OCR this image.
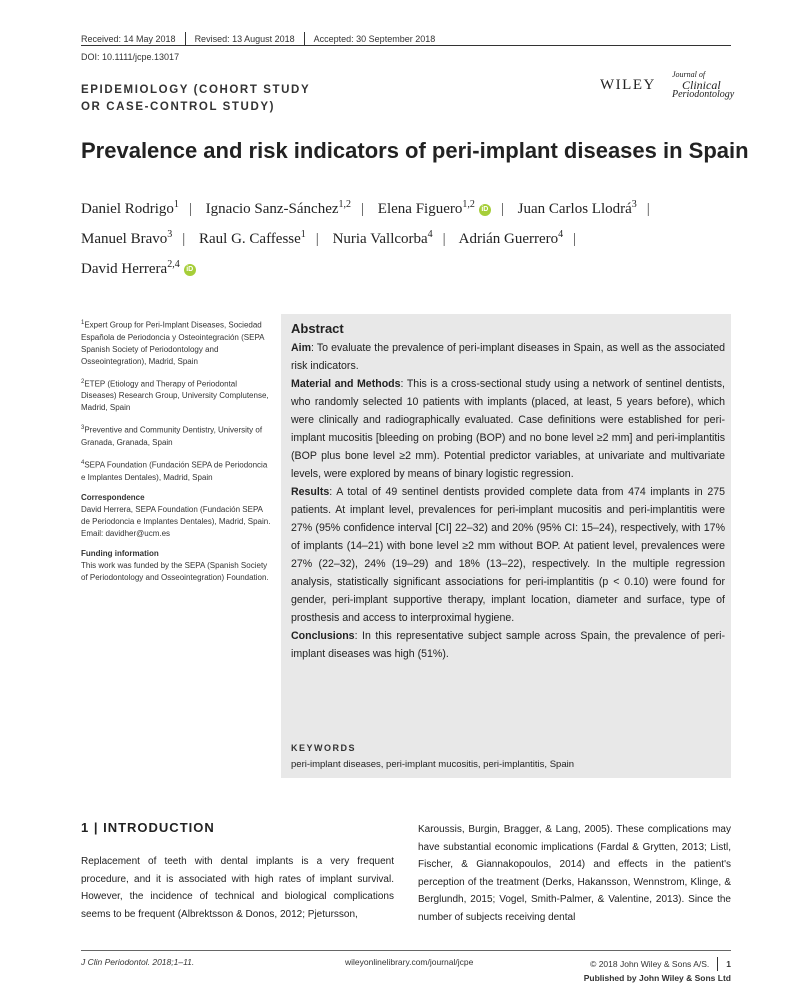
Received: 14 May 2018 Revised: 13 August 2018 Accepted: 30 September 2018
DOI: 10.1111/jcpe.13017
EPIDEMIOLOGY (COHORT STUDY
OR CASE-CONTROL STUDY)
WILEY
Journal of
Clinical
Periodontology
Prevalence and risk indicators of peri-implant diseases in Spain
Daniel Rodrigo$^1$ | Ignacio Sanz-Sánchez$^{1,2}$ | Elena Figuero$^{1,2}$ iD | Juan Carlos Llodrá$^3$ |
Manuel Bravo$^3$ | Raul G. Caffesse$^1$ | Nuria Vallcorba$^4$ | Adrián Guerrero$^4$ |
David Herrera$^{2,4}$ iD

$^1$Expert Group for Peri-Implant Diseases, Sociedad Española de Periodoncia y Osteointegración (SEPA Spanish Society of Periodontology and Osseointegration), Madrid, Spain

$^2$ETEP (Etiology and Therapy of Periodontal Diseases) Research Group, University Complutense, Madrid, Spain

$^3$Preventive and Community Dentistry, University of Granada, Granada, Spain

$^4$SEPA Foundation (Fundación SEPA de Periodoncia e Implantes Dentales), Madrid, Spain

Correspondence

David Herrera, SEPA Foundation (Fundación SEPA de Periodoncia e Implantes Dentales), Madrid, Spain.

Email: davidher@ucm.es

Funding information

This work was funded by the SEPA (Spanish Society of Periodontology and Osseointegration) Foundation.

Abstract

Aim: To evaluate the prevalence of peri-implant diseases in Spain, as well as the associated risk indicators.

Material and Methods: This is a cross-sectional study using a network of sentinel dentists, who randomly selected 10 patients with implants (placed, at least, 5 years before), which were clinically and radiographically evaluated. Case definitions were established for peri-implant mucositis [bleeding on probing (BOP) and no bone level ≥2 mm] and peri-implantitis (BOP plus bone level ≥2 mm). Potential predictor variables, at univariate and multivariate levels, were explored by means of binary logistic regression.

Results: A total of 49 sentinel dentists provided complete data from 474 implants in 275 patients. At implant level, prevalences for peri-implant mucositis and peri-implantitis were 27% (95% confidence interval [CI] 22–32) and 20% (95% CI: 15–24), respectively, with 17% of implants (14–21) with bone level ≥2 mm without BOP. At patient level, prevalences were 27% (22–32), 24% (19–29) and 18% (13–22), respectively. In the multiple regression analysis, statistically significant associations for peri-implantitis (p < 0.10) were found for gender, peri-implant supportive therapy, implant location, diameter and surface, type of prosthesis and access to interproximal hygiene.

Conclusions: In this representative subject sample across Spain, the prevalence of peri-implant diseases was high (51%).

KEYWORDS
peri-implant diseases, peri-implant mucositis, peri-implantitis, Spain
1 | INTRODUCTION
Replacement of teeth with dental implants is a very frequent procedure, and it is associated with high rates of implant survival. However, the incidence of technical and biological complications seems to be frequent (Albrektsson & Donos, 2012; Pjetursson,
Karoussis, Burgin, Bragger, & Lang, 2005). These complications may have substantial economic implications (Fardal & Grytten, 2013; Listl, Fischer, & Giannakopoulos, 2014) and effects in the patient's perception of the treatment (Derks, Hakansson, Wennstrom, Klinge, & Berglundh, 2015; Vogel, Smith-Palmer, & Valentine, 2013). Since the number of subjects receiving dental
J Clin Periodontol. 2018;1–11.	wileyonlinelibrary.com/journal/jcpe	© 2018 John Wiley & Sons A/S. 1
Published by John Wiley & Sons Ltd
